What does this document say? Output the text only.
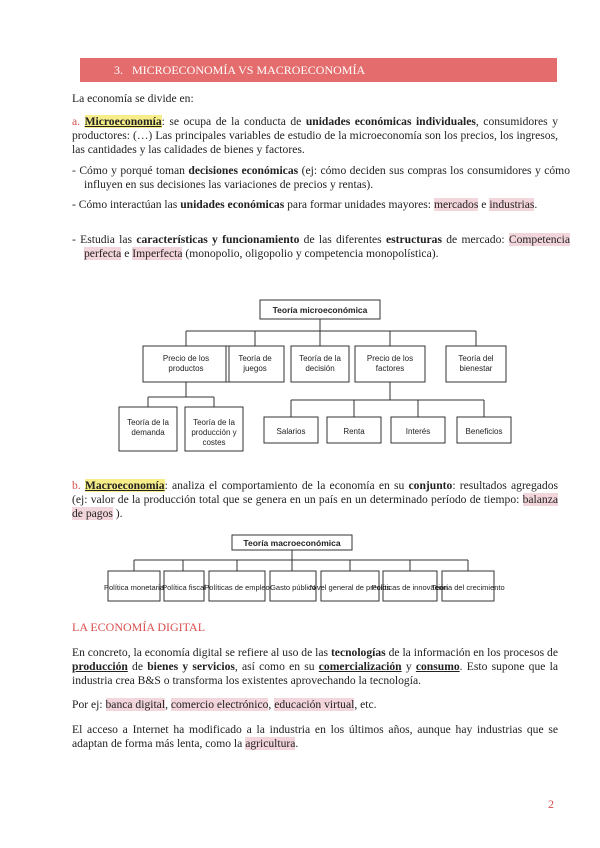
3. MICROECONOMÍA VS MACROECONOMÍA
La economía se divide en:
a. Microeconomía: se ocupa de la conducta de unidades económicas individuales, consumidores y productores: (…) Las principales variables de estudio de la microeconomía son los precios, los ingresos, las cantidades y las calidades de bienes y factores.
- Cómo y porqué toman decisiones económicas (ej: cómo deciden sus compras los consumidores y cómo influyen en sus decisiones las variaciones de precios y rentas).
- Cómo interactúan las unidades económicas para formar unidades mayores: mercados e industrias.
- Estudia las características y funcionamiento de las diferentes estructuras de mercado: Competencia perfecta e Imperfecta (monopolio, oligopolio y competencia monopolística).
Teoría microeconómica
Precio de los productos
Teoría de juegos
Teoría de la decisión
Precio de los factores
Teoría del bienestar
Teoría de la demanda
Teoría de la producción y costes
Salarios	Renta	Interés	Beneficios
Teoría macroeconómica
Política monetaria
Política fiscal
Políticas de empleo Gasto público
Nivel general de precios
Políticas de innovación
Teoría del crecimiento
b. Macroeconomía: analiza el comportamiento de la economía en su conjunto: resultados agregados (ej: valor de la producción total que se genera en un país en un determinado período de tiempo: balanza de pagos ).
LA ECONOMÍA DIGITAL
En concreto, la economía digital se refiere al uso de las tecnologías de la información en los procesos de producción de bienes y servicios, así como en su comercialización y consumo. Esto supone que la industria crea B&S o transforma los existentes aprovechando la tecnología.
Por ej: banca digital, comercio electrónico, educación virtual, etc.
El acceso a Internet ha modificado a la industria en los últimos años, aunque hay industrias que se adaptan de forma más lenta, como la agricultura.
2
